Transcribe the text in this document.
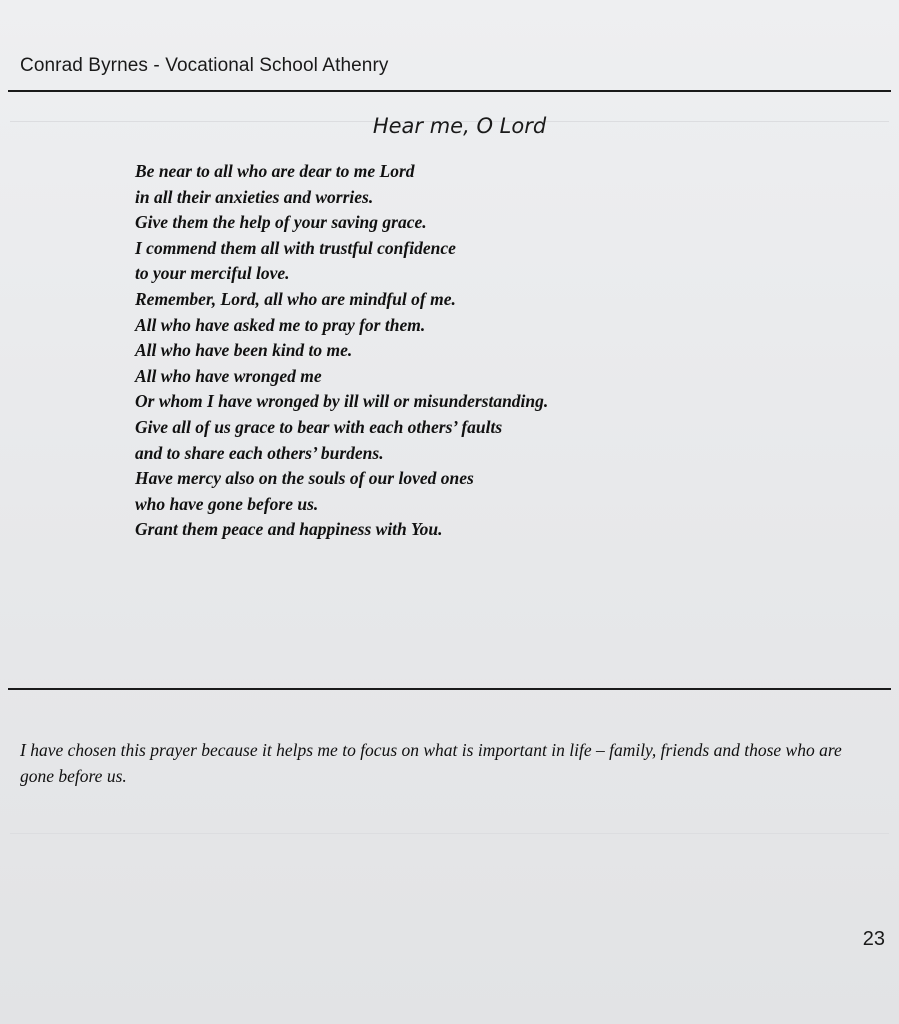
Conrad Byrnes - Vocational School Athenry
Hear me, O Lord
Be near to all who are dear to me Lord
in all their anxieties and worries.
Give them the help of your saving grace.
I commend them all with trustful confidence
to your merciful love.
Remember, Lord, all who are mindful of me.
All who have asked me to pray for them.
All who have been kind to me.
All who have wronged me
Or whom I have wronged by ill will or misunderstanding.
Give all of us grace to bear with each others’ faults
and to share each others’ burdens.
Have mercy also on the souls of our loved ones
who have gone before us.
Grant them peace and happiness with You.

I have chosen this prayer because it helps me to focus on what is important in life – family, friends and those who are gone before us.

23
